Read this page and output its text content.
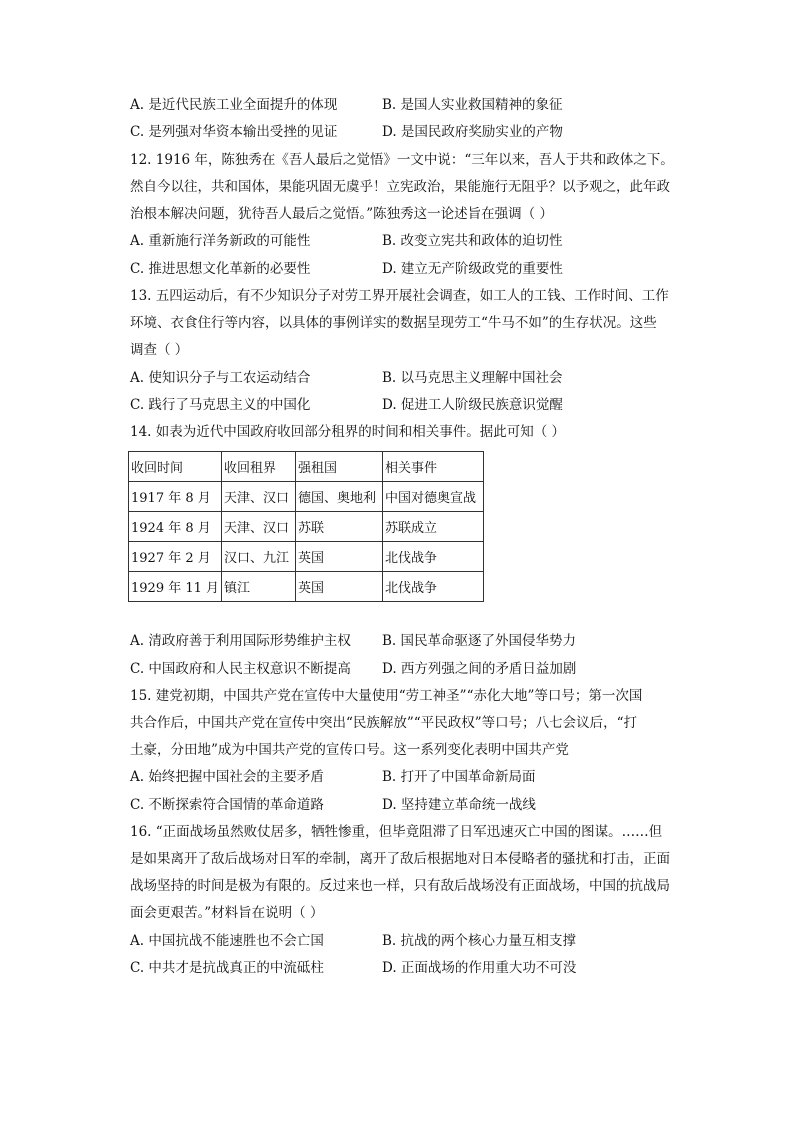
A. 是近代民族工业全面提升的体现	B. 是国人实业救国精神的象征
C. 是列强对华资本输出受挫的见证	D. 是国民政府奖励实业的产物
12. 1916 年，陈独秀在《吾人最后之觉悟》一文中说：“三年以来，吾人于共和政体之下。
然自今以往，共和国体，果能巩固无虞乎！立宪政治，果能施行无阻乎？以予观之，此年政
治根本解决问题，犹待吾人最后之觉悟。”陈独秀这一论述旨在强调（ ）
A. 重新施行洋务新政的可能性	B. 改变立宪共和政体的迫切性
C. 推进思想文化革新的必要性	D. 建立无产阶级政党的重要性
13. 五四运动后，有不少知识分子对劳工界开展社会调查，如工人的工钱、工作时间、工作
环境、衣食住行等内容，以具体的事例详实的数据呈现劳工“牛马不如”的生存状况。这些
调查（ ）
A. 使知识分子与工农运动结合	B. 以马克思主义理解中国社会
C. 践行了马克思主义的中国化	D. 促进工人阶级民族意识觉醒
14. 如表为近代中国政府收回部分租界的时间和相关事件。据此可知（ ）
收回时间	收回租界	强租国	相关事件
1917 年 8 月	天津、汉口	德国、奥地利	中国对德奥宣战
1924 年 8 月	天津、汉口	苏联	苏联成立
1927 年 2 月	汉口、九江	英国	北伐战争
1929 年 11 月	镇江	英国	北伐战争
A. 清政府善于利用国际形势维护主权 B. 国民革命驱逐了外国侵华势力
C. 中国政府和人民主权意识不断提高 D. 西方列强之间的矛盾日益加剧
15. 建党初期，中国共产党在宣传中大量使用“劳工神圣”“赤化大地”等口号；第一次国
共合作后，中国共产党在宣传中突出“民族解放”“平民政权”等口号；八七会议后，“打
土豪，分田地”成为中国共产党的宣传口号。这一系列变化表明中国共产党
A. 始终把握中国社会的主要矛盾	B. 打开了中国革命新局面
C. 不断探索符合国情的革命道路	D. 坚持建立革命统一战线
16. “正面战场虽然败仗居多，牺牲惨重，但毕竟阻滞了日军迅速灭亡中国的图谋。……但
是如果离开了敌后战场对日军的牵制，离开了敌后根据地对日本侵略者的骚扰和打击，正面
战场坚持的时间是极为有限的。反过来也一样，只有敌后战场没有正面战场，中国的抗战局
面会更艰苦。”材料旨在说明（ ）
A. 中国抗战不能速胜也不会亡国	B. 抗战的两个核心力量互相支撑
C. 中共才是抗战真正的中流砥柱	D. 正面战场的作用重大功不可没
